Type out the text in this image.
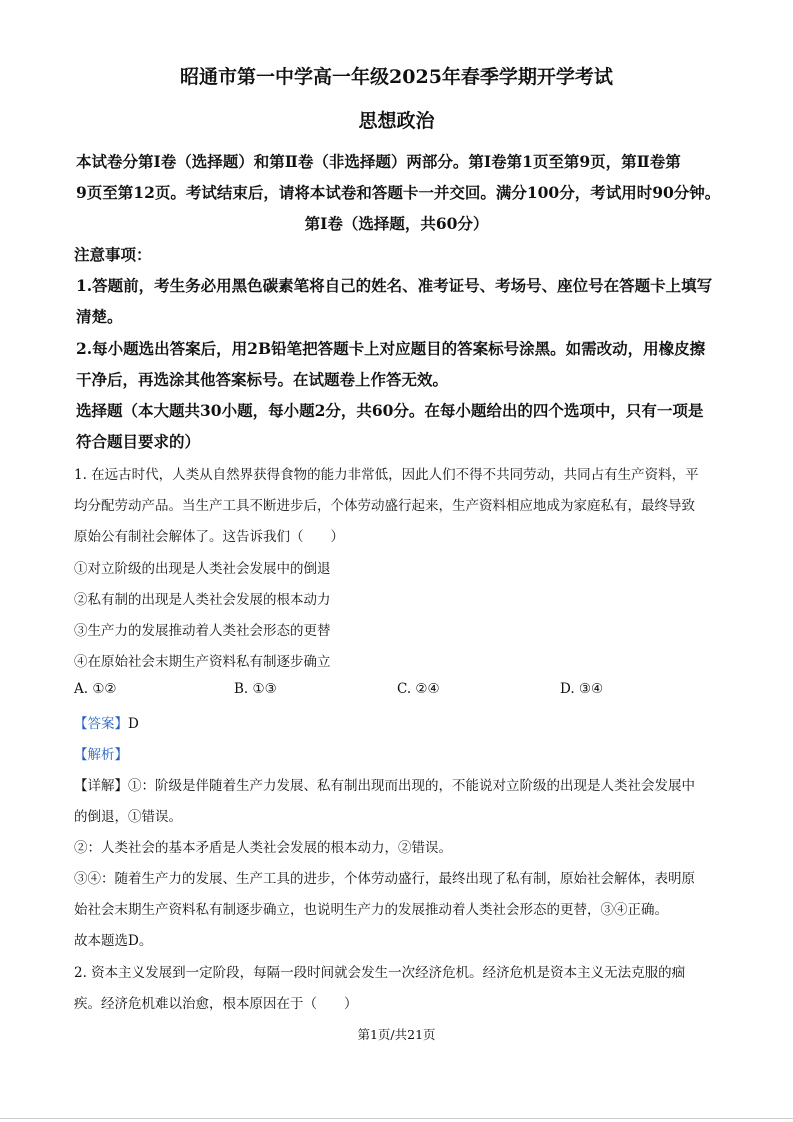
昭通市第一中学高一年级2025年春季学期开学考试
思想政治
本试卷分第Ⅰ卷（选择题）和第Ⅱ卷（非选择题）两部分。第Ⅰ卷第1页至第9页，第Ⅱ卷第
9页至第12页。考试结束后，请将本试卷和答题卡一并交回。满分100分，考试用时90分钟。
第Ⅰ卷（选择题，共60分）
注意事项：
1.答题前，考生务必用黑色碳素笔将自己的姓名、准考证号、考场号、座位号在答题卡上填写
清楚。
2.每小题选出答案后，用2B铅笔把答题卡上对应题目的答案标号涂黑。如需改动，用橡皮擦
干净后，再选涂其他答案标号。在试题卷上作答无效。
选择题（本大题共30小题，每小题2分，共60分。在每小题给出的四个选项中，只有一项是
符合题目要求的）
1. 在远古时代，人类从自然界获得食物的能力非常低，因此人们不得不共同劳动，共同占有生产资料，平
均分配劳动产品。当生产工具不断进步后，个体劳动盛行起来，生产资料相应地成为家庭私有，最终导致
原始公有制社会解体了。这告诉我们（　　）
①对立阶级的出现是人类社会发展中的倒退
②私有制的出现是人类社会发展的根本动力
③生产力的发展推动着人类社会形态的更替
④在原始社会末期生产资料私有制逐步确立
A. ①②	B. ①③	C. ②④	D. ③④
【答案】D
【解析】
【详解】①：阶级是伴随着生产力发展、私有制出现而出现的，不能说对立阶级的出现是人类社会发展中
的倒退，①错误。
②：人类社会的基本矛盾是人类社会发展的根本动力，②错误。
③④：随着生产力的发展、生产工具的进步，个体劳动盛行，最终出现了私有制，原始社会解体，表明原
始社会末期生产资料私有制逐步确立，也说明生产力的发展推动着人类社会形态的更替，③④正确。
故本题选D。
2. 资本主义发展到一定阶段，每隔一段时间就会发生一次经济危机。经济危机是资本主义无法克服的痼
疾。经济危机难以治愈，根本原因在于（　　）
第1页/共21页
